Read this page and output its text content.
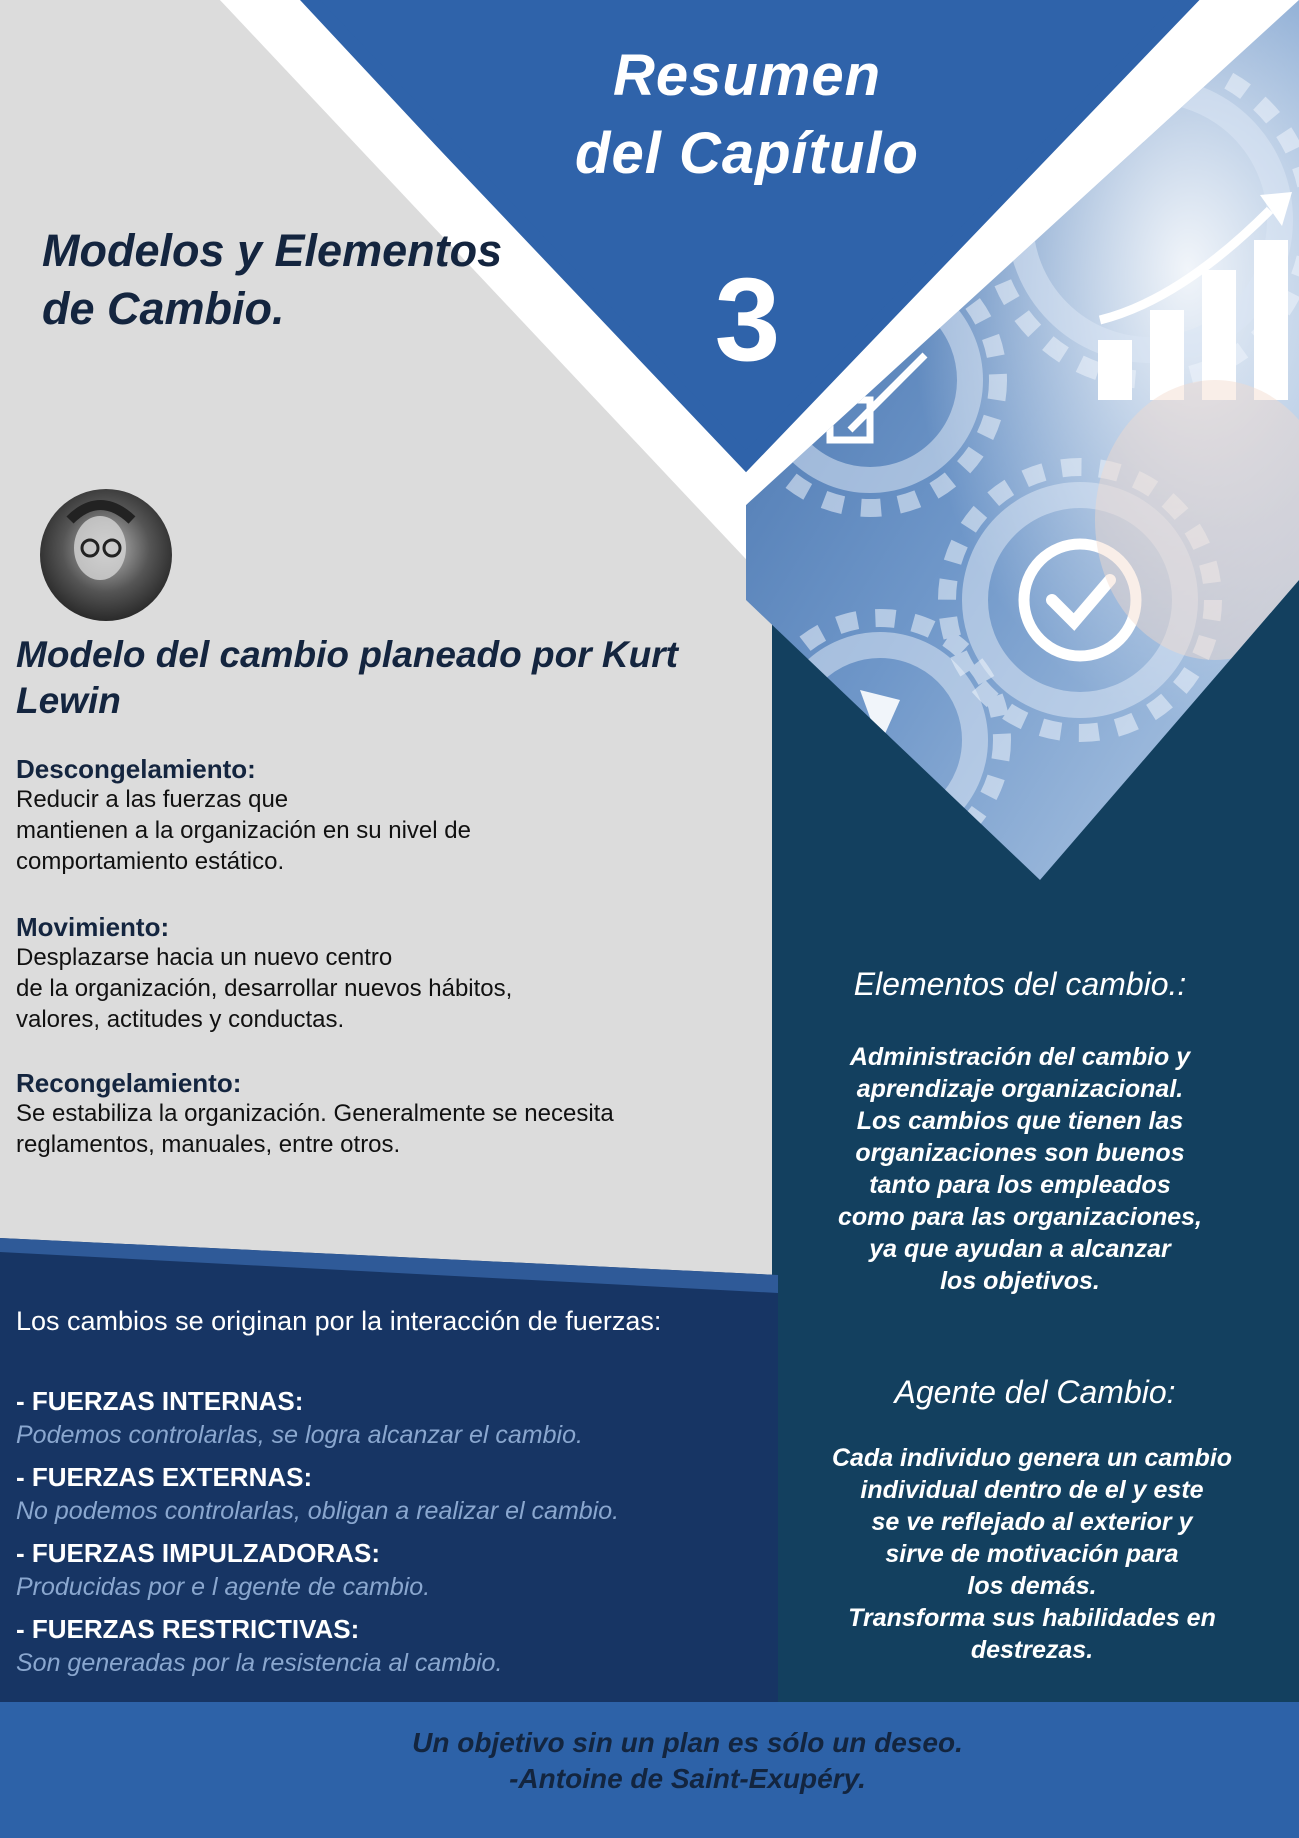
Resumen
del Capítulo
3
Modelos y Elementos de Cambio.
Modelo del cambio planeado por Kurt Lewin
Descongelamiento:
Reducir a las fuerzas que
mantienen a la organización en su nivel de
comportamiento estático.
Movimiento:
Desplazarse hacia un nuevo centro
de la organización, desarrollar nuevos hábitos,
valores, actitudes y conductas.
Recongelamiento:
Se estabiliza la organización. Generalmente se necesita
reglamentos, manuales, entre otros.
Los cambios se originan por la interacción de fuerzas:
- FUERZAS INTERNAS:
Podemos controlarlas, se logra alcanzar el cambio.
- FUERZAS EXTERNAS:
No podemos controlarlas, obligan a realizar el cambio.
- FUERZAS IMPULZADORAS:
Producidas por e l agente de cambio.
- FUERZAS RESTRICTIVAS:
Son generadas por la resistencia al cambio.
Elementos del cambio.:
Administración del cambio y
aprendizaje organizacional.
Los cambios que tienen las
organizaciones son buenos
tanto para los empleados
como para las organizaciones,
ya que ayudan a alcanzar
los objetivos.
Agente del Cambio:
Cada individuo genera un cambio
individual dentro de el y este
se ve reflejado al exterior y
sirve de motivación para
los demás.
Transforma sus habilidades en
destrezas.
Un objetivo sin un plan es sólo un deseo.
-Antoine de Saint-Exupéry.
